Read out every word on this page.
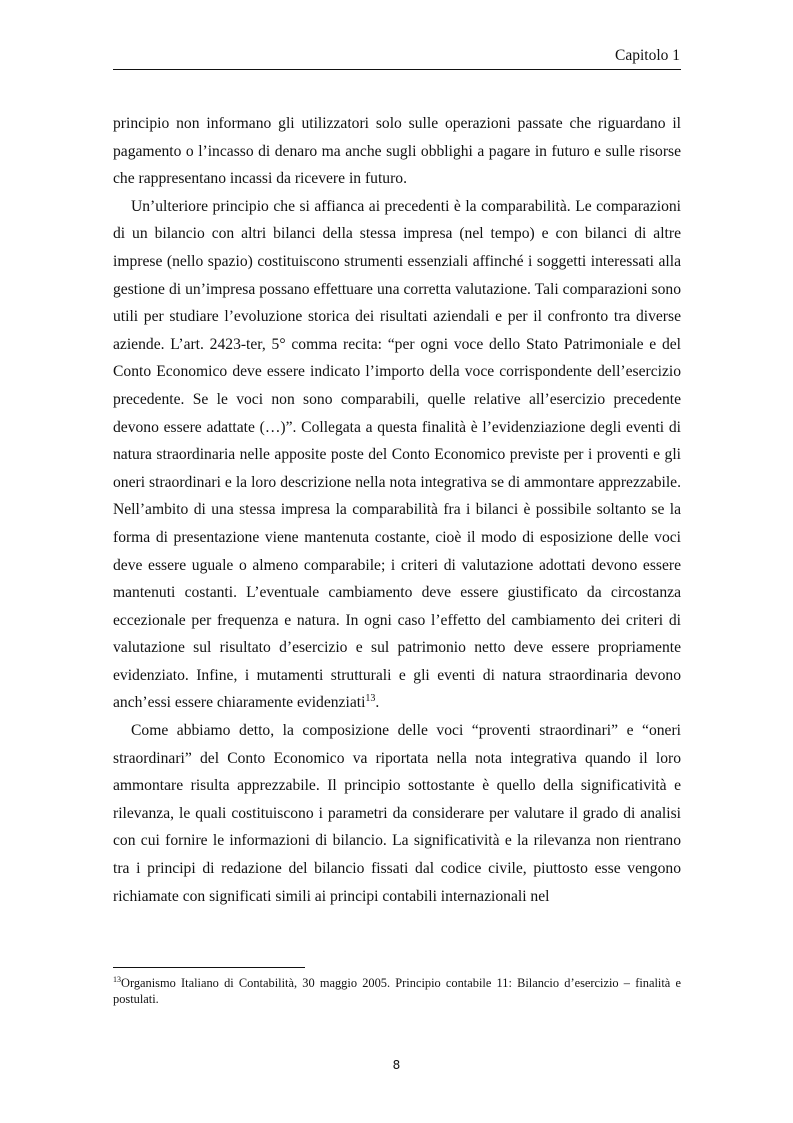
Capitolo 1

principio non informano gli utilizzatori solo sulle operazioni passate che riguardano il pagamento o l’incasso di denaro ma anche sugli obblighi a pagare in futuro e sulle risorse che rappresentano incassi da ricevere in futuro.

Un’ulteriore principio che si affianca ai precedenti è la comparabilità. Le comparazioni di un bilancio con altri bilanci della stessa impresa (nel tempo) e con bilanci di altre imprese (nello spazio) costituiscono strumenti essenziali affinché i soggetti interessati alla gestione di un’impresa possano effettuare una corretta valutazione. Tali comparazioni sono utili per studiare l’evoluzione storica dei risultati aziendali e per il confronto tra diverse aziende. L’art. 2423-ter, 5° comma recita: “per ogni voce dello Stato Patrimoniale e del Conto Economico deve essere indicato l’importo della voce corrispondente dell’esercizio precedente. Se le voci non sono comparabili, quelle relative all’esercizio precedente devono essere adattate (…)”. Collegata a questa finalità è l’evidenziazione degli eventi di natura straordinaria nelle apposite poste del Conto Economico previste per i proventi e gli oneri straordinari e la loro descrizione nella nota integrativa se di ammontare apprezzabile. Nell’ambito di una stessa impresa la comparabilità fra i bilanci è possibile soltanto se la forma di presentazione viene mantenuta costante, cioè il modo di esposizione delle voci deve essere uguale o almeno comparabile; i criteri di valutazione adottati devono essere mantenuti costanti. L’eventuale cambiamento deve essere giustificato da circostanza eccezionale per frequenza e natura. In ogni caso l’effetto del cambiamento dei criteri di valutazione sul risultato d’esercizio e sul patrimonio netto deve essere propriamente evidenziato. Infine, i mutamenti strutturali e gli eventi di natura straordinaria devono anch’essi essere chiaramente evidenziati$^{13}$.

Come abbiamo detto, la composizione delle voci “proventi straordinari” e “oneri straordinari” del Conto Economico va riportata nella nota integrativa quando il loro ammontare risulta apprezzabile. Il principio sottostante è quello della significatività e rilevanza, le quali costituiscono i parametri da considerare per valutare il grado di analisi con cui fornire le informazioni di bilancio. La significatività e la rilevanza non rientrano tra i principi di redazione del bilancio fissati dal codice civile, piuttosto esse vengono richiamate con significati simili ai principi contabili internazionali nel

$^{13}$Organismo Italiano di Contabilità, 30 maggio 2005. Principio contabile 11: Bilancio d’esercizio – finalità e postulati.
8
